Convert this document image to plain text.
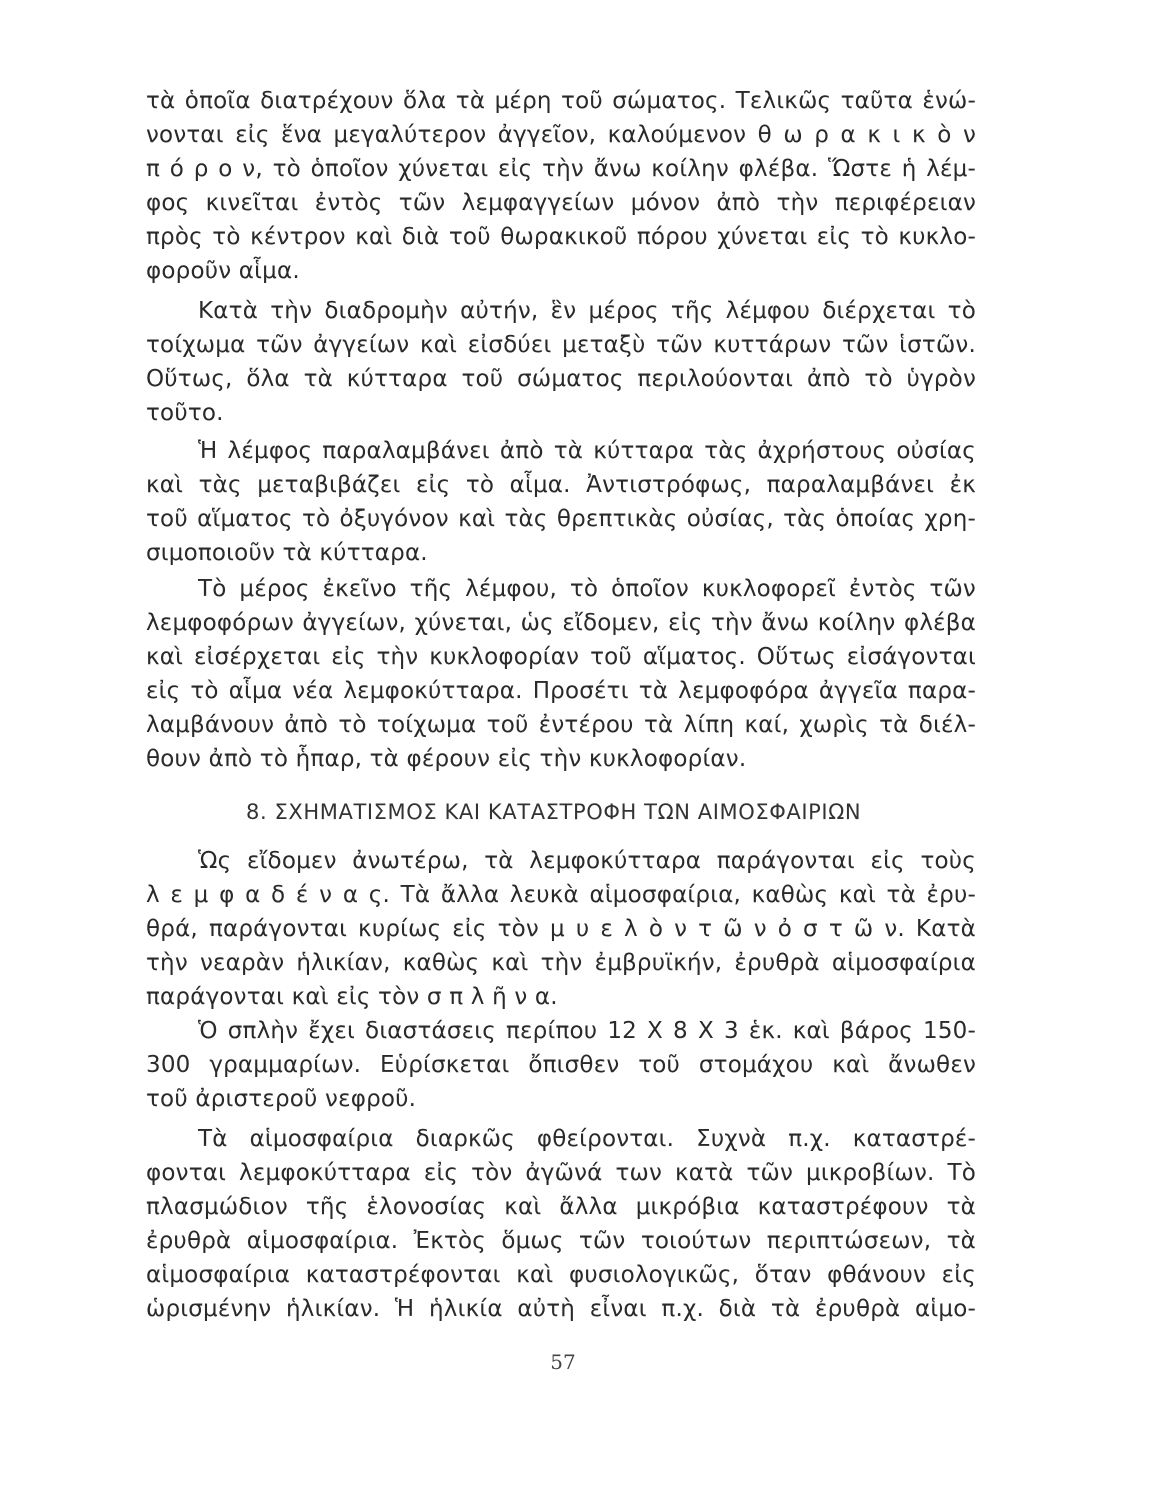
τὰ ὁποῖα διατρέχουν ὅλα τὰ μέρη τοῦ σώματος. Τελικῶς ταῦτα ἑνώ-
νονται εἰς ἕνα μεγαλύτερον ἀγγεῖον, καλούμενον θ ω ρ α κ ι κ ὸ ν
π ό ρ ο ν, τὸ ὁποῖον χύνεται εἰς τὴν ἄνω κοίλην φλέβα. Ὥστε ἡ λέμ-
φος κινεῖται ἐντὸς τῶν λεμφαγγείων μόνον ἀπὸ τὴν περιφέρειαν
πρὸς τὸ κέντρον καὶ διὰ τοῦ θωρακικοῦ πόρου χύνεται εἰς τὸ κυκλο-
φοροῦν αἷμα.
Κατὰ τὴν διαδρομὴν αὐτήν, ἓν μέρος τῆς λέμφου διέρχεται τὸ
τοίχωμα τῶν ἀγγείων καὶ εἰσδύει μεταξὺ τῶν κυττάρων τῶν ἱστῶν.
Οὕτως, ὅλα τὰ κύτταρα τοῦ σώματος περιλούονται ἀπὸ τὸ ὑγρὸν
τοῦτο.
Ἡ λέμφος παραλαμβάνει ἀπὸ τὰ κύτταρα τὰς ἀχρήστους οὐσίας
καὶ τὰς μεταβιβάζει εἰς τὸ αἷμα. Ἀντιστρόφως, παραλαμβάνει ἐκ
τοῦ αἵματος τὸ ὀξυγόνον καὶ τὰς θρεπτικὰς οὐσίας, τὰς ὁποίας χρη-
σιμοποιοῦν τὰ κύτταρα.
Τὸ μέρος ἐκεῖνο τῆς λέμφου, τὸ ὁποῖον κυκλοφορεῖ ἐντὸς τῶν
λεμφοφόρων ἀγγείων, χύνεται, ὡς εἴδομεν, εἰς τὴν ἄνω κοίλην φλέβα
καὶ εἰσέρχεται εἰς τὴν κυκλοφορίαν τοῦ αἵματος. Οὕτως εἰσάγονται
εἰς τὸ αἷμα νέα λεμφοκύτταρα. Προσέτι τὰ λεμφοφόρα ἀγγεῖα παρα-
λαμβάνουν ἀπὸ τὸ τοίχωμα τοῦ ἐντέρου τὰ λίπη καί, χωρὶς τὰ διέλ-
θουν ἀπὸ τὸ ἧπαρ, τὰ φέρουν εἰς τὴν κυκλοφορίαν.
8. ΣΧΗΜΑΤΙΣΜΟΣ ΚΑΙ ΚΑΤΑΣΤΡΟΦΗ ΤΩΝ ΑΙΜΟΣΦΑΙΡΙΩΝ
Ὡς εἴδομεν ἀνωτέρω, τὰ λεμφοκύτταρα παράγονται εἰς τοὺς
λ ε μ φ α δ έ ν α ς. Τὰ ἄλλα λευκὰ αἱμοσφαίρια, καθὼς καὶ τὰ ἐρυ-
θρά, παράγονται κυρίως εἰς τὸν μ υ ε λ ὸ ν τ ῶ ν ὀ σ τ ῶ ν. Κατὰ
τὴν νεαρὰν ἡλικίαν, καθὼς καὶ τὴν ἐμβρυϊκήν, ἐρυθρὰ αἱμοσφαίρια
παράγονται καὶ εἰς τὸν σ π λ ῆ ν α.
Ὁ σπλὴν ἔχει διαστάσεις περίπου 12 X 8 X 3 ἑκ. καὶ βάρος 150-
300 γραμμαρίων. Εὑρίσκεται ὄπισθεν τοῦ στομάχου καὶ ἄνωθεν
τοῦ ἀριστεροῦ νεφροῦ.
Τὰ αἱμοσφαίρια διαρκῶς φθείρονται. Συχνὰ π.χ. καταστρέ-
φονται λεμφοκύτταρα εἰς τὸν ἀγῶνά των κατὰ τῶν μικροβίων. Τὸ
πλασμώδιον τῆς ἑλονοσίας καὶ ἄλλα μικρόβια καταστρέφουν τὰ
ἐρυθρὰ αἱμοσφαίρια. Ἐκτὸς ὅμως τῶν τοιούτων περιπτώσεων, τὰ
αἱμοσφαίρια καταστρέφονται καὶ φυσιολογικῶς, ὅταν φθάνουν εἰς
ὡρισμένην ἡλικίαν. Ἡ ἡλικία αὐτὴ εἶναι π.χ. διὰ τὰ ἐρυθρὰ αἱμο-
57
